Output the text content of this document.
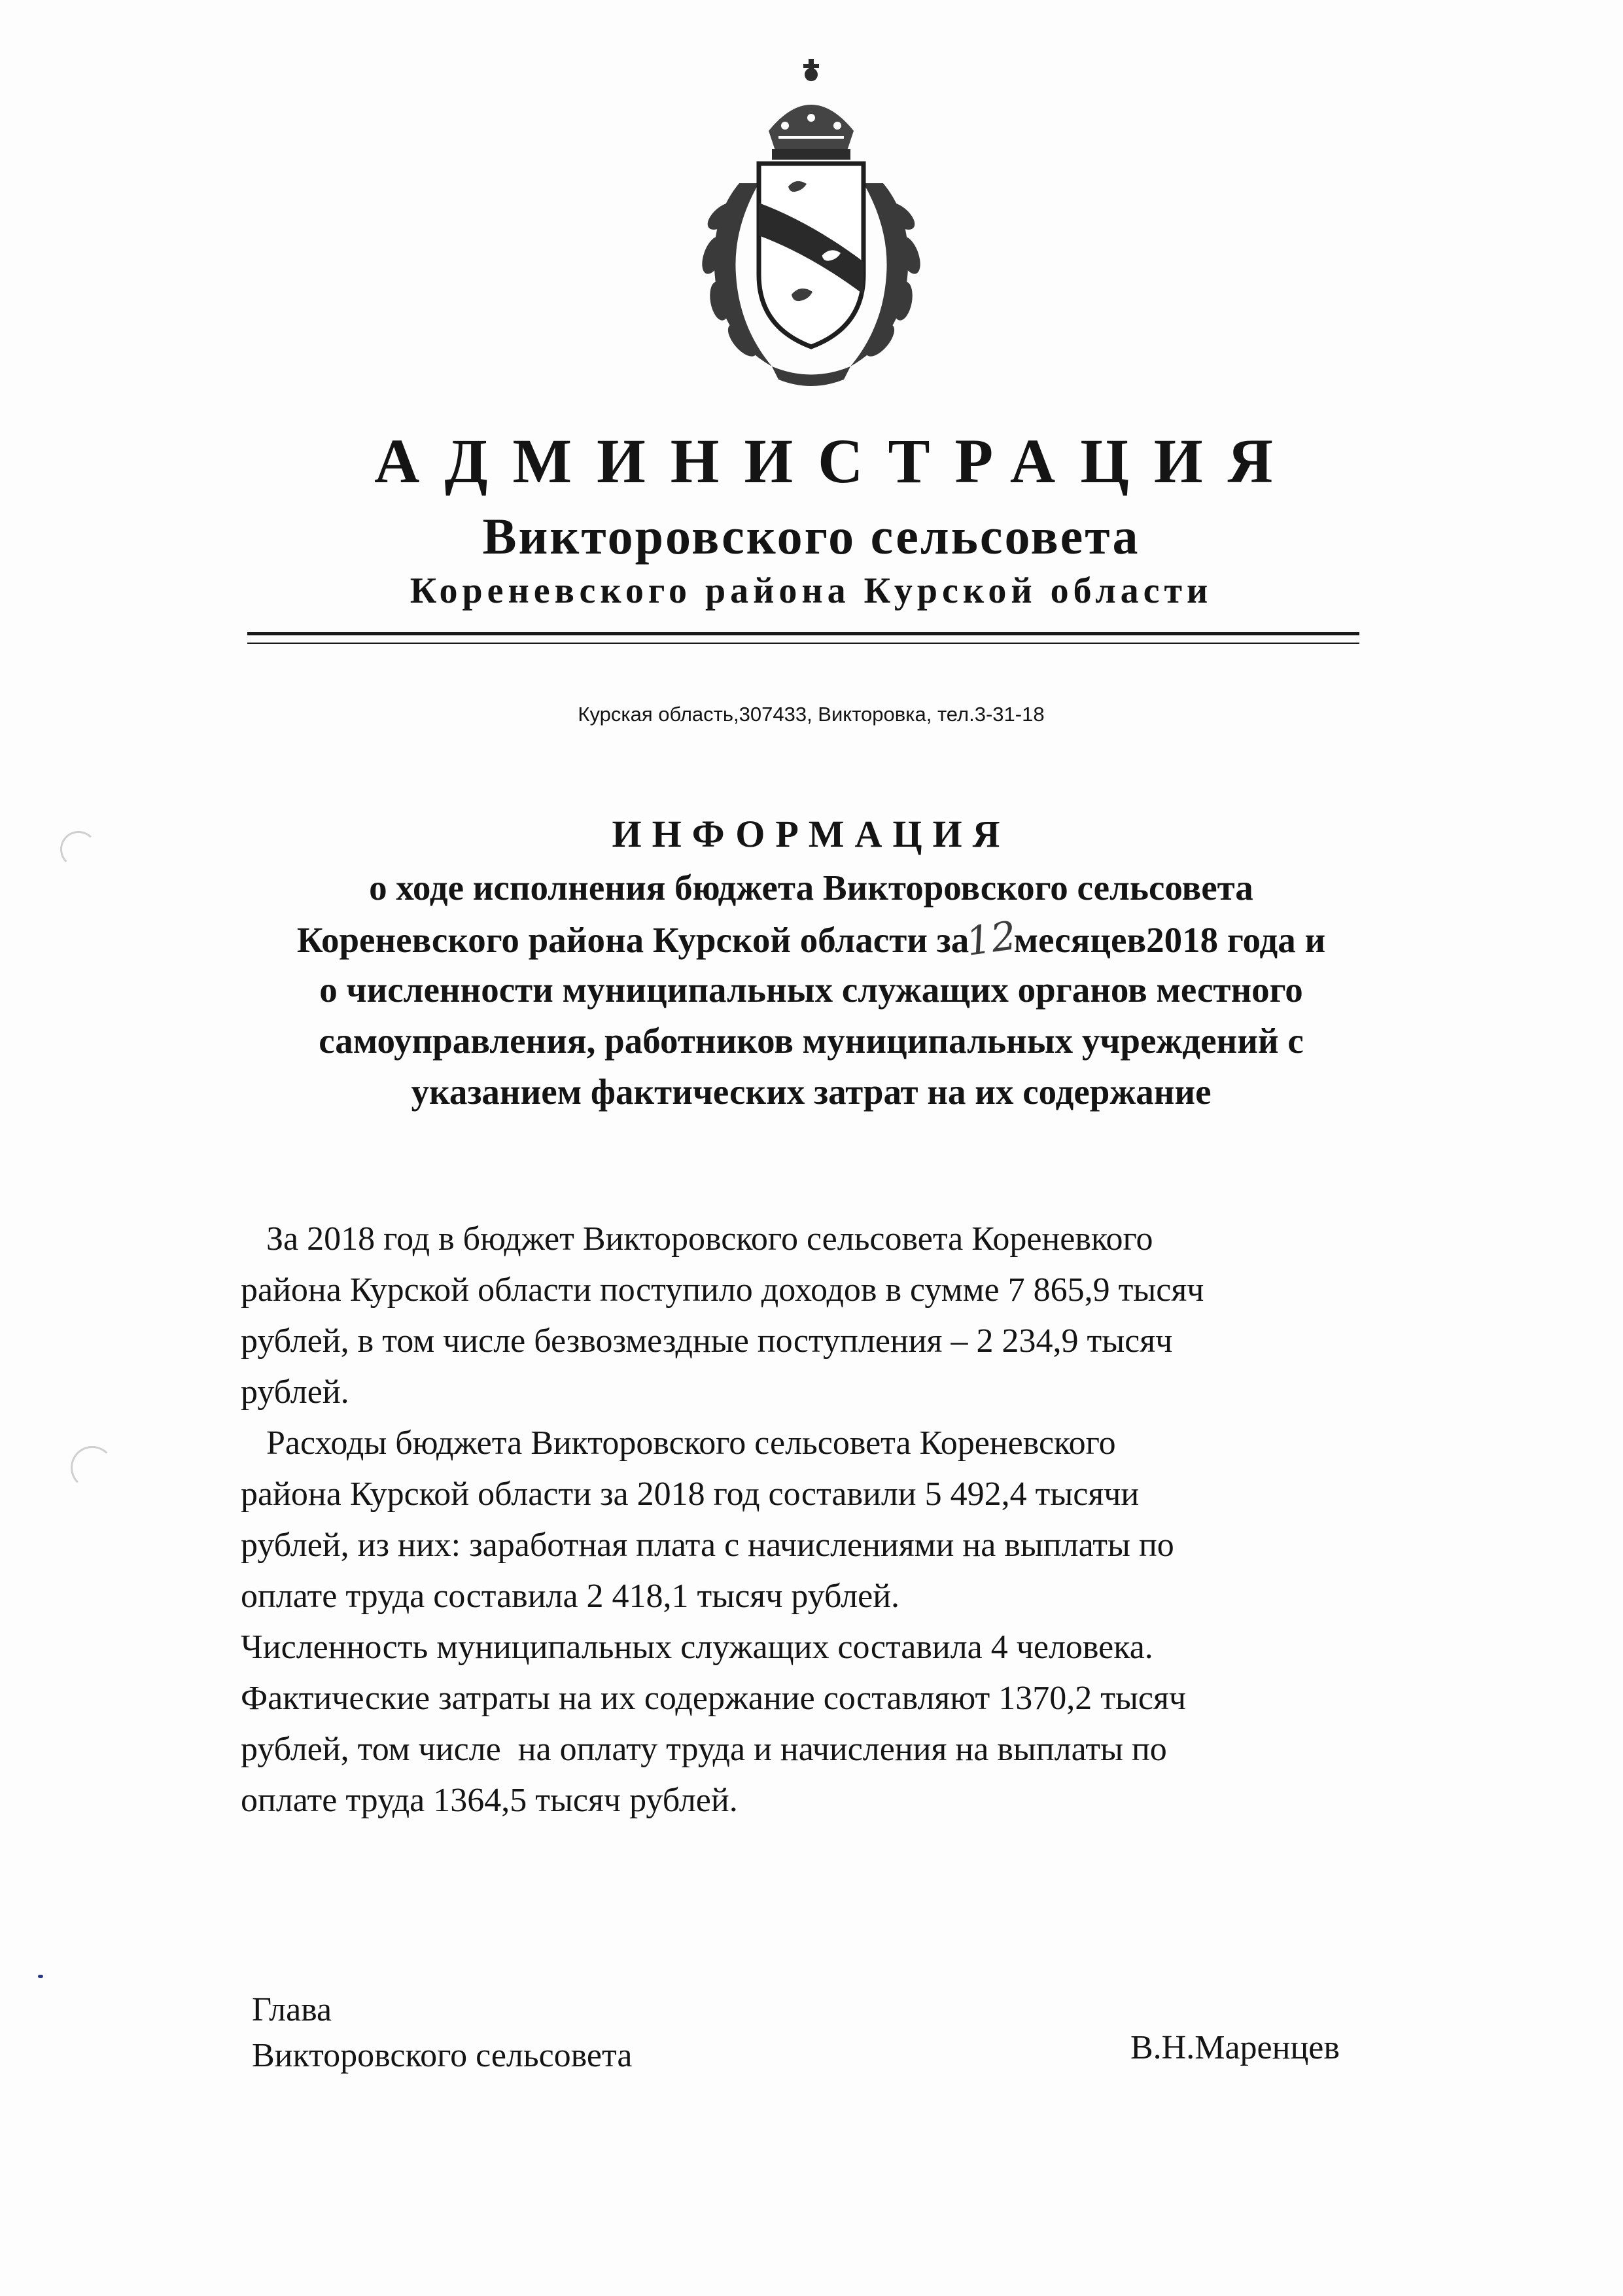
АДМИНИСТРАЦИЯ
Викторовского сельсовета
Кореневского района Курской области
Курская область,307433, Викторовка, тел.3-31-18
ИНФОРМАЦИЯ
о ходе исполнения бюджета Викторовского сельсовета
Кореневского района Курской области за12месяцев2018 года и
о численности муниципальных служащих органов местного
самоуправления, работников муниципальных учреждений с
указанием фактических затрат на их содержание
За 2018 год в бюджет Викторовского сельсовета Кореневкого
района Курской области поступило доходов в сумме 7 865,9 тысяч
рублей, в том числе безвозмездные поступления – 2 234,9 тысяч
рублей.
Расходы бюджета Викторовского сельсовета Кореневского
района Курской области за 2018 год составили 5 492,4 тысячи
рублей, из них: заработная плата с начислениями на выплаты по
оплате труда составила 2 418,1 тысяч рублей.
Численность муниципальных служащих составила 4 человека.
Фактические затраты на их содержание составляют 1370,2 тысяч
рублей, том числе  на оплату труда и начисления на выплаты по
оплате труда 1364,5 тысяч рублей.
Глава
Викторовского сельсовета	В.Н.Маренцев
